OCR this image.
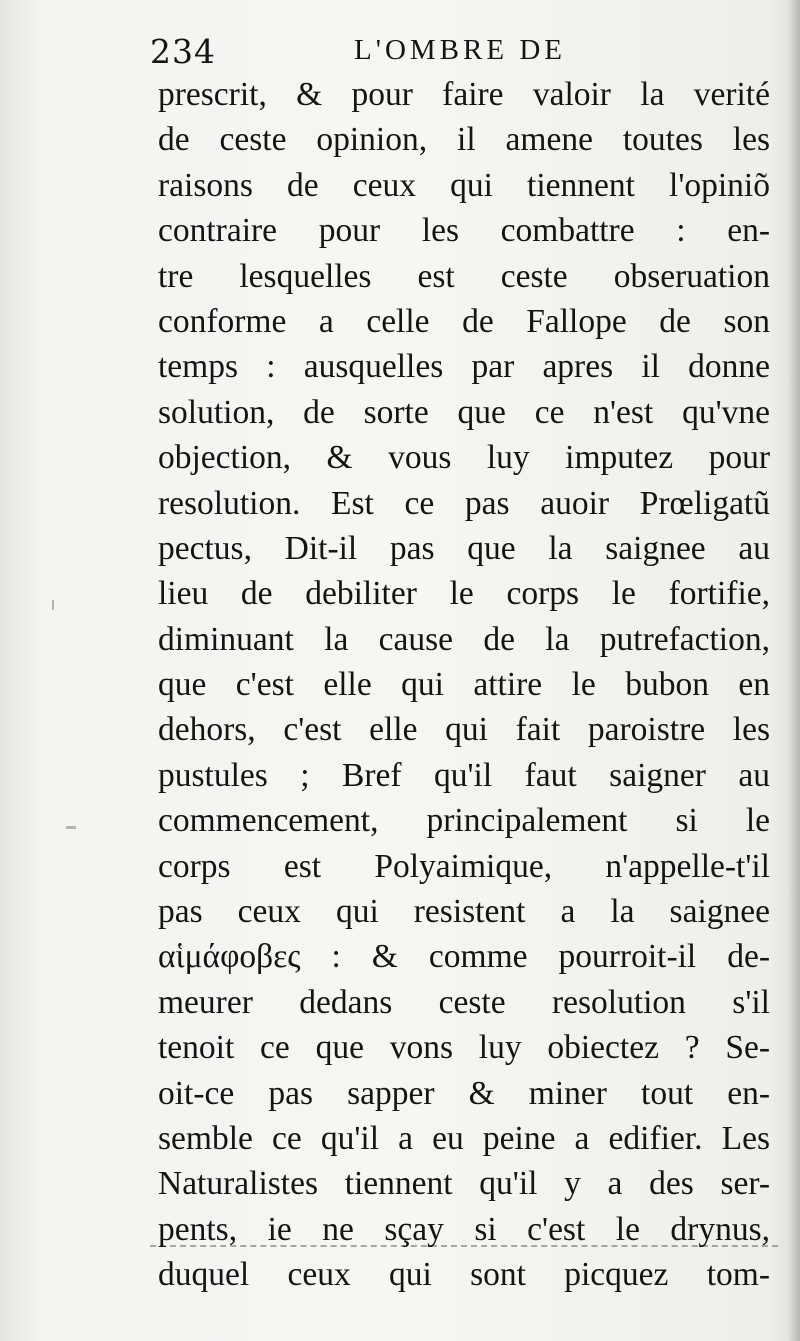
234	L'OMBRE DE
prescrit, & pour faire valoir la verité
de ceste opinion, il amene toutes les
raisons de ceux qui tiennent l'opiniõ
contraire pour les combattre : en-
tre lesquelles est ceste obseruation
conforme a celle de Fallope de son
temps : ausquelles par apres il donne
solution, de sorte que ce n'est qu'vne
objection, & vous luy imputez pour
resolution. Est ce pas auoir Prœligatũ
pectus, Dit-il pas que la saignee au
lieu de debiliter le corps le fortifie,
diminuant la cause de la putrefaction,
que c'est elle qui attire le bubon en
dehors, c'est elle qui fait paroistre les
pustules ; Bref qu'il faut saigner au
commencement, principalement si le
corps est Polyaimique, n'appelle-t'il
pas ceux qui resistent a la saignee
αἱμάφοβες : & comme pourroit-il de-
meurer dedans ceste resolution s'il
tenoit ce que vons luy obiectez ? Se-
oit-ce pas sapper & miner tout en-
semble ce qu'il a eu peine a edifier. Les
Naturalistes tiennent qu'il y a des ser-
pents, ie ne sçay si c'est le drynus,
duquel ceux qui sont picquez tom-
